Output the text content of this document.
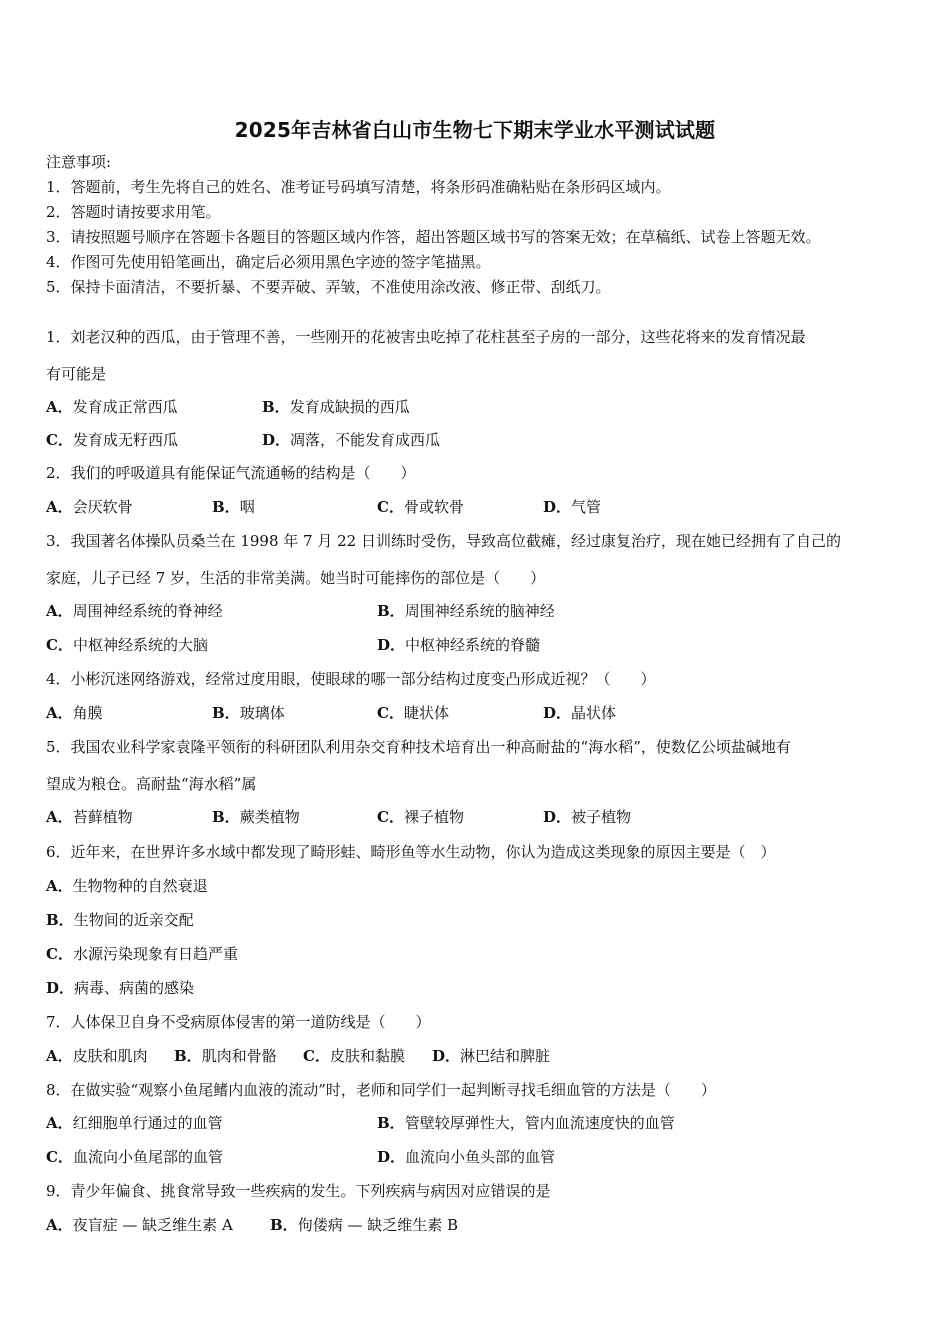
2025年吉林省白山市生物七下期末学业水平测试试题
注意事项:
1．答题前，考生先将自己的姓名、准考证号码填写清楚，将条形码准确粘贴在条形码区域内。
2．答题时请按要求用笔。
3．请按照题号顺序在答题卡各题目的答题区域内作答，超出答题区域书写的答案无效；在草稿纸、试卷上答题无效。
4．作图可先使用铅笔画出，确定后必须用黑色字迹的签字笔描黑。
5．保持卡面清洁，不要折暴、不要弄破、弄皱，不准使用涂改液、修正带、刮纸刀。
1．刘老汉种的西瓜，由于管理不善，一些刚开的花被害虫吃掉了花柱甚至子房的一部分，这些花将来的发育情况最
有可能是
A．发育成正常西瓜	B．发育成缺损的西瓜
C．发育成无籽西瓜	D．凋落，不能发育成西瓜
2．我们的呼吸道具有能保证气流通畅的结构是（　　）
A．会厌软骨	B．咽	C．骨或软骨	D．气管
3．我国著名体操队员桑兰在 1998 年 7 月 22 日训练时受伤，导致高位截瘫，经过康复治疗，现在她已经拥有了自己的
家庭，儿子已经 7 岁，生活的非常美满。她当时可能摔伤的部位是（　　）
A．周围神经系统的脊神经	B．周围神经系统的脑神经
C．中枢神经系统的大脑	D．中枢神经系统的脊髓
4．小彬沉迷网络游戏，经常过度用眼，使眼球的哪一部分结构过度变凸形成近视？（　　）
A．角膜	B．玻璃体	C．睫状体	D．晶状体
5．我国农业科学家袁隆平领衔的科研团队利用杂交育种技术培育出一种高耐盐的“海水稻”，使数亿公顷盐碱地有
望成为粮仓。高耐盐“海水稻”属
A．苔藓植物	B．蕨类植物	C．裸子植物	D．被子植物
6．近年来，在世界许多水域中都发现了畸形蛙、畸形鱼等水生动物，你认为造成这类现象的原因主要是（　）
A．生物物种的自然衰退
B．生物间的近亲交配
C．水源污染现象有日趋严重
D．病毒、病菌的感染
7．人体保卫自身不受病原体侵害的第一道防线是（　　）
A．皮肤和肌肉 B．肌肉和骨骼 C．皮肤和黏膜 D．淋巴结和脾脏
8．在做实验“观察小鱼尾鳍内血液的流动”时，老师和同学们一起判断寻找毛细血管的方法是（　　）
A．红细胞单行通过的血管	B．管壁较厚弹性大，管内血流速度快的血管
C．血流向小鱼尾部的血管	D．血流向小鱼头部的血管
9．青少年偏食、挑食常导致一些疾病的发生。下列疾病与病因对应错误的是
A．夜盲症 — 缺乏维生素 A B．佝偻病 — 缺乏维生素 B
